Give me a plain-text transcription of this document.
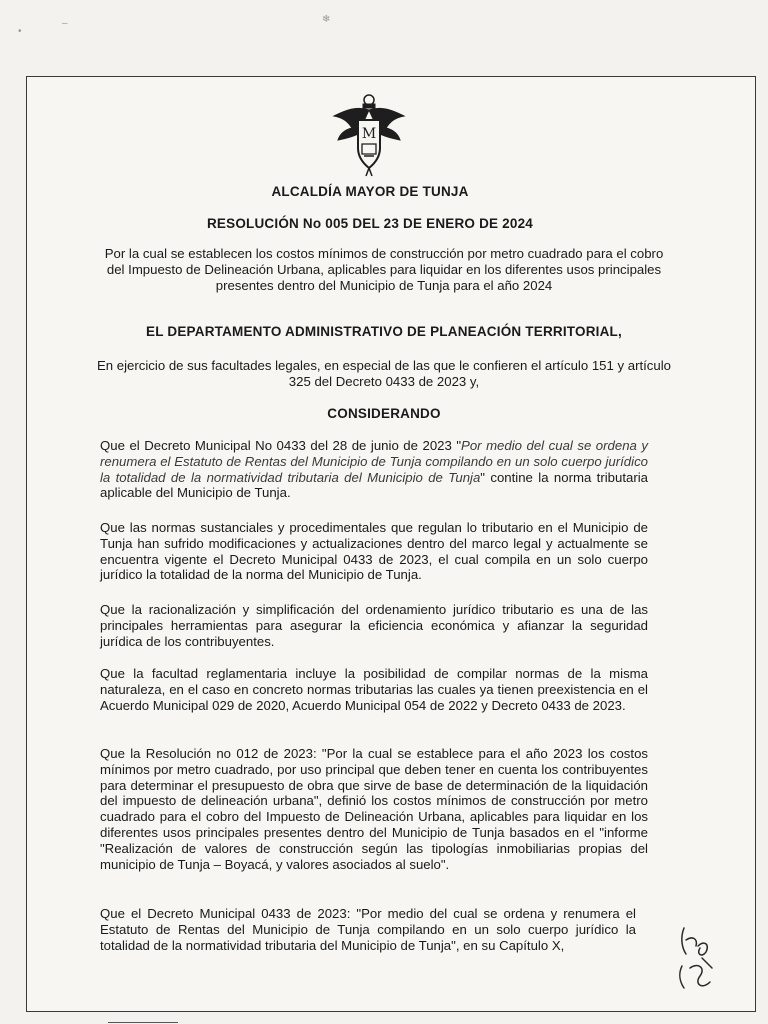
•
–	❄
M
ALCALDÍA MAYOR DE TUNJA
RESOLUCIÓN No 005 DEL 23 DE ENERO DE 2024
Por la cual se establecen los costos mínimos de construcción por metro cuadrado para el cobro del Impuesto de Delineación Urbana, aplicables para liquidar en los diferentes usos principales presentes dentro del Municipio de Tunja para el año 2024
EL DEPARTAMENTO ADMINISTRATIVO DE PLANEACIÓN TERRITORIAL,
En ejercicio de sus facultades legales, en especial de las que le confieren el artículo 151 y artículo 325 del Decreto 0433 de 2023 y,
CONSIDERANDO
Que el Decreto Municipal No 0433 del 28 de junio de 2023 "Por medio del cual se ordena y renumera el Estatuto de Rentas del Municipio de Tunja compilando en un solo cuerpo jurídico la totalidad de la normatividad tributaria del Municipio de Tunja" contine la norma tributaria aplicable del Municipio de Tunja.
Que las normas sustanciales y procedimentales que regulan lo tributario en el Municipio de Tunja han sufrido modificaciones y actualizaciones dentro del marco legal y actualmente se encuentra vigente el Decreto Municipal 0433 de 2023, el cual compila en un solo cuerpo jurídico la totalidad de la norma del Municipio de Tunja.
Que la racionalización y simplificación del ordenamiento jurídico tributario es una de las principales herramientas para asegurar la eficiencia económica y afianzar la seguridad jurídica de los contribuyentes.
Que la facultad reglamentaria incluye la posibilidad de compilar normas de la misma naturaleza, en el caso en concreto normas tributarias las cuales ya tienen preexistencia en el Acuerdo Municipal 029 de 2020, Acuerdo Municipal 054 de 2022 y Decreto 0433 de 2023.
Que la Resolución no 012 de 2023: "Por la cual se establece para el año 2023 los costos mínimos por metro cuadrado, por uso principal que deben tener en cuenta los contribuyentes para determinar el presupuesto de obra que sirve de base de determinación de la liquidación del impuesto de delineación urbana", definió los costos mínimos de construcción por metro cuadrado para el cobro del Impuesto de Delineación Urbana, aplicables para liquidar en los diferentes usos principales presentes dentro del Municipio de Tunja basados en el "informe "Realización de valores de construcción según las tipologías inmobiliarias propias del municipio de Tunja – Boyacá, y valores asociados al suelo".
Que el Decreto Municipal 0433 de 2023: "Por medio del cual se ordena y renumera el Estatuto de Rentas del Municipio de Tunja compilando en un solo cuerpo jurídico la totalidad de la normatividad tributaria del Municipio de Tunja", en su Capítulo X,
